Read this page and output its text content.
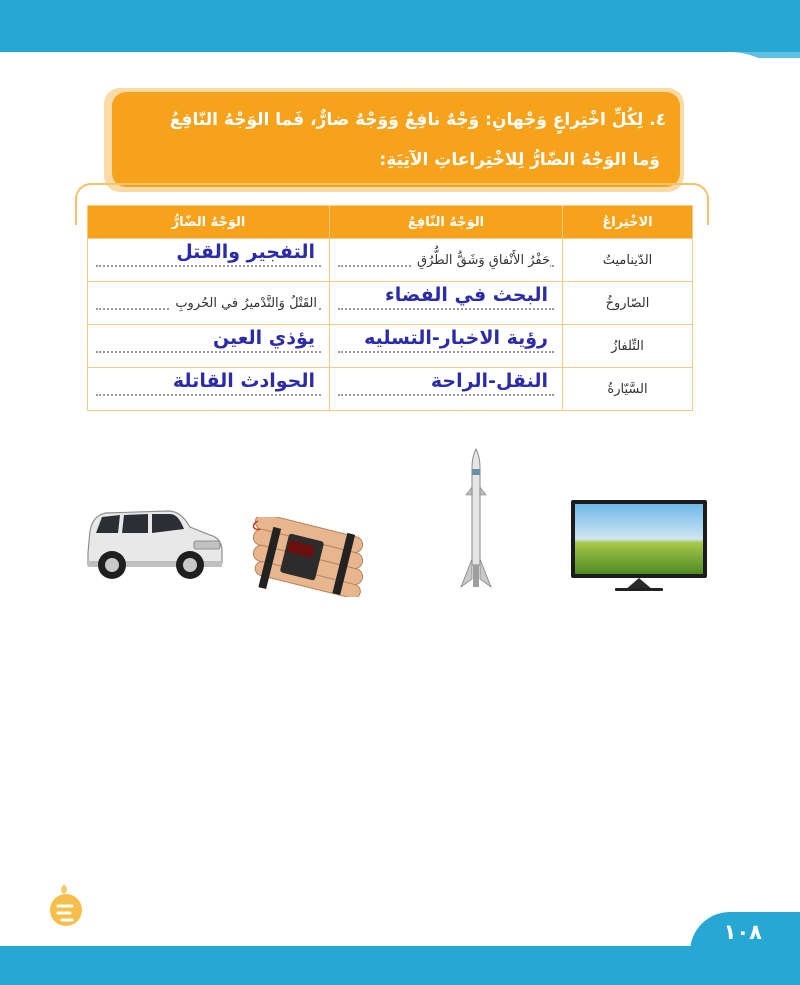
٤. لِكُلِّ اخْتِراعٍ وَجْهانِ: وَجْهٌ نافِعٌ وَوَجْهٌ ضارٌّ، فَما الوَجْهُ النّافِعُ
وَما الوَجْهُ الضّارُّ لِلاخْتِراعاتِ الآتِيَةِ:
الاخْتِراعُ	الوَجْهُ النّافِعُ	الوَجْهُ الضّارُّ
الدّيناميتُ	حَفْرُ الأَنْفاقِ وَشَقُّ الطُّرُقِ	التفجير والقتل

الصّاروخُ	البحث في الفضاء	القَتْلُ وَالتَّدْميرُ في الحُروبِ

التِّلفازُ	رؤية الاخبار-التسليه	يؤذي العين

السَّيّارةُ	النقل-الراحة	الحوادث القاتلة
١٠٨
